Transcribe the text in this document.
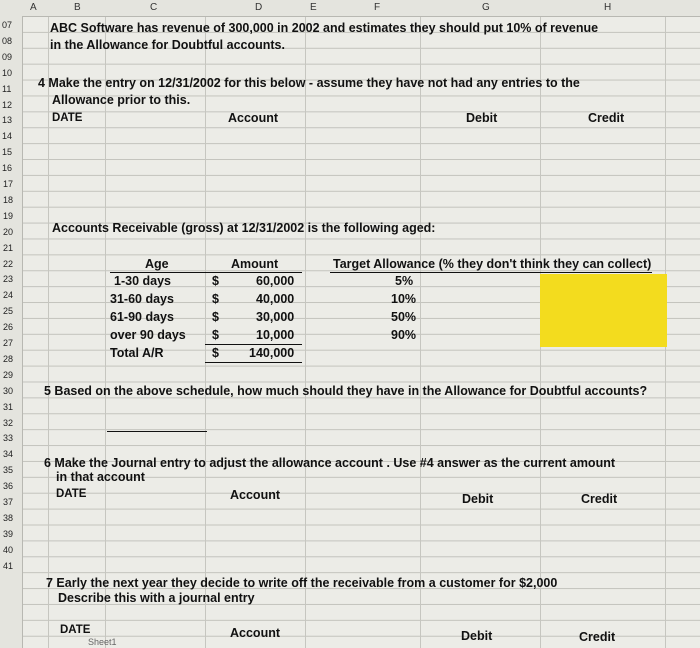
A	B	C	D	E	F	G	H
07
08
09
10
11
12
13
14
15
16
17
18
19
20
21
22
23
24
25
26
27
28
29
30
31
32
33
34
35
36
37
38
39
40
41
ABC Software has revenue of 300,000 in 2002 and estimates they should put 10% of revenue
in the Allowance for Doubtful accounts.
4 Make the entry on 12/31/2002 for this below - assume they have not had any entries to the
Allowance prior to this.
DATE	Account	Debit	Credit
Accounts Receivable (gross) at 12/31/2002 is the following aged:
Age	Amount	Target Allowance (% they don't think they can collect)
1-30 days	$	60,000	5%
31-60 days	$	40,000	10%
61-90 days	$	30,000	50%
over 90 days $	10,000	90%
Total A/R	$ 140,000
5 Based on the above schedule, how much should they have in the Allowance for Doubtful accounts?
6 Make the Journal entry to adjust the allowance account . Use #4 answer as the current amount
in that account
DATE	Account	Debit	Credit
7 Early the next year they decide to write off the receivable from a customer for $2,000
Describe this with a journal entry
DATE	Account	Debit	Credit
Sheet1
